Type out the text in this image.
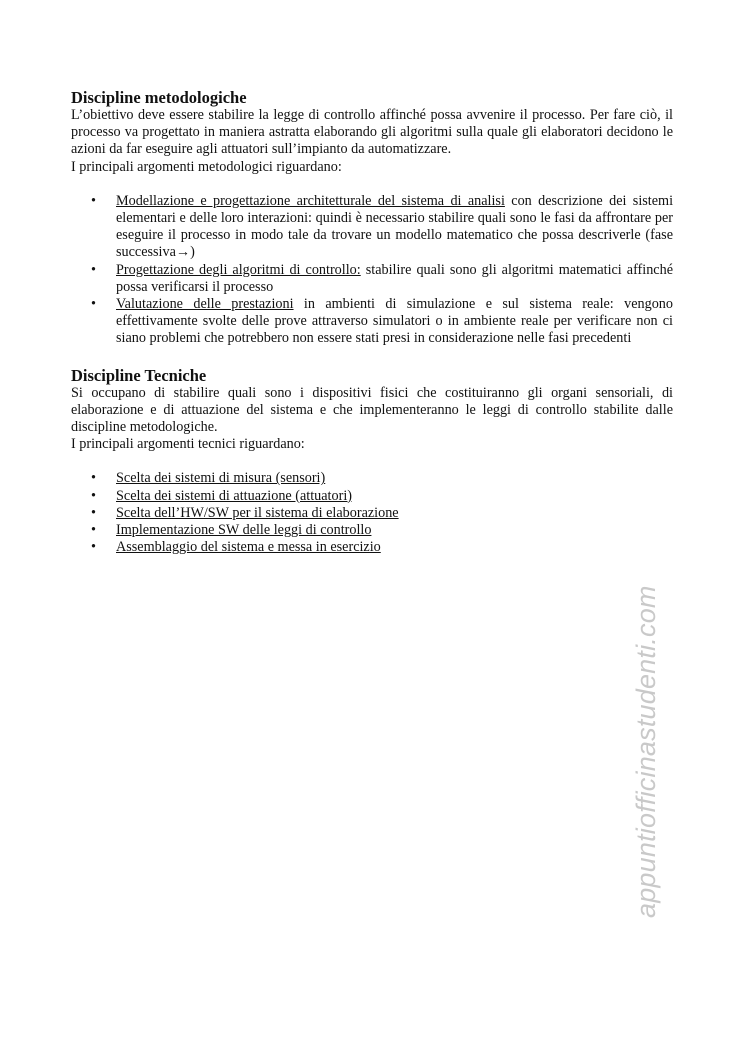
Discipline metodologiche

L’obiettivo deve essere stabilire la legge di controllo affinché possa avvenire il processo. Per fare ciò, il processo va progettato in maniera astratta elaborando gli algoritmi sulla quale gli elaboratori decidono le azioni da far eseguire agli attuatori sull’impianto da automatizzare.

I principali argomenti metodologici riguardano:

• Modellazione e progettazione architetturale del sistema di analisi con descrizione dei sistemi elementari e delle loro interazioni: quindi è necessario stabilire quali sono le fasi da affrontare per eseguire il processo in modo tale da trovare un modello matematico che possa descriverle (fase successiva→)
• Progettazione degli algoritmi di controllo: stabilire quali sono gli algoritmi matematici affinché possa verificarsi il processo
• Valutazione delle prestazioni in ambienti di simulazione e sul sistema reale: vengono effettivamente svolte delle prove attraverso simulatori o in ambiente reale per verificare non ci siano problemi che potrebbero non essere stati presi in considerazione nelle fasi precedenti
Discipline Tecniche

Si occupano di stabilire quali sono i dispositivi fisici che costituiranno gli organi sensoriali, di elaborazione e di attuazione del sistema e che implementeranno le leggi di controllo stabilite dalle discipline metodologiche.

I principali argomenti tecnici riguardano:

• Scelta dei sistemi di misura (sensori)
• Scelta dei sistemi di attuazione (attuatori)
• Scelta dell’HW/SW per il sistema di elaborazione
• Implementazione SW delle leggi di controllo
• Assemblaggio del sistema e messa in esercizio
appuntiofficinastudenti.com
